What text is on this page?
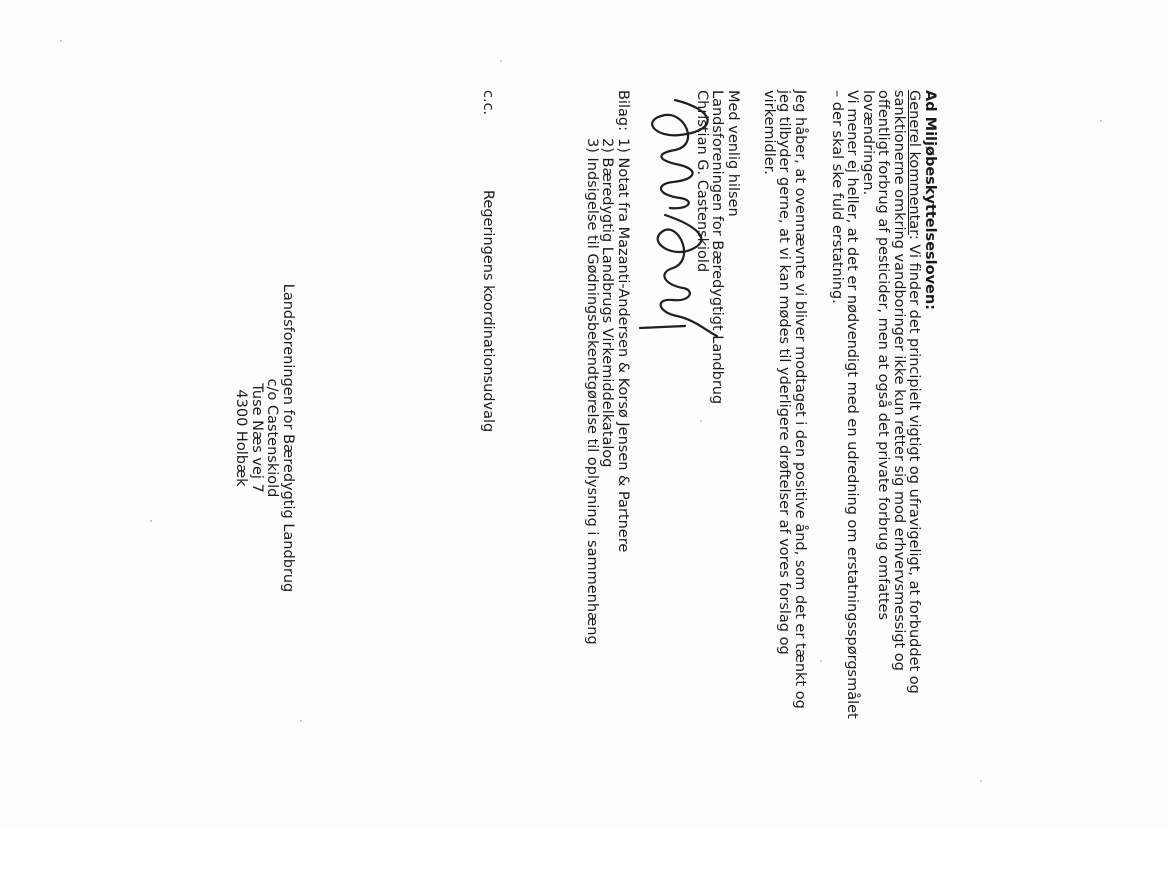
Ad Miljøbeskyttelsesloven:

Generel kommentar: Vi finder det principielt vigtigt og ufravigeligt, at forbuddet og

sanktionerne omkring vandboringer ikke kun retter sig mod erhvervsmessigt og

offentligt forbrug af pesticider, men at også det private forbrug omfattes

lovændringen.

Vi mener ej heller, at det er nødvendigt med en udredning om erstatningsspørgsmålet

– der skal ske fuld erstatning.

Jeg håber, at ovennævnte vi bliver modtaget i den positive ånd, som det er tænkt og

jeg tilbyder gerne, at vi kan mødes til yderligere drøftelser af vores forslag og

virkemidler.

Med venlig hilsen

Landsforeningen for Bæredygtigt Landbrug

Christian G. Castenskiold

Bilag:

1) Notat fra Mazanti-Andersen & Korsø Jensen & Partnere

2) Bæredygtig Landbrugs Virkemiddelkatalog

3) Indsigelse til Gødningsbekendtgørelse til oplysning i sammenhæng

c.c.
Regeringens koordinationsudvalg

Landsforeningen for Bæredygtig Landbrug

c/o Castenskiold

Tuse Næs vej 7

4300 Holbæk
